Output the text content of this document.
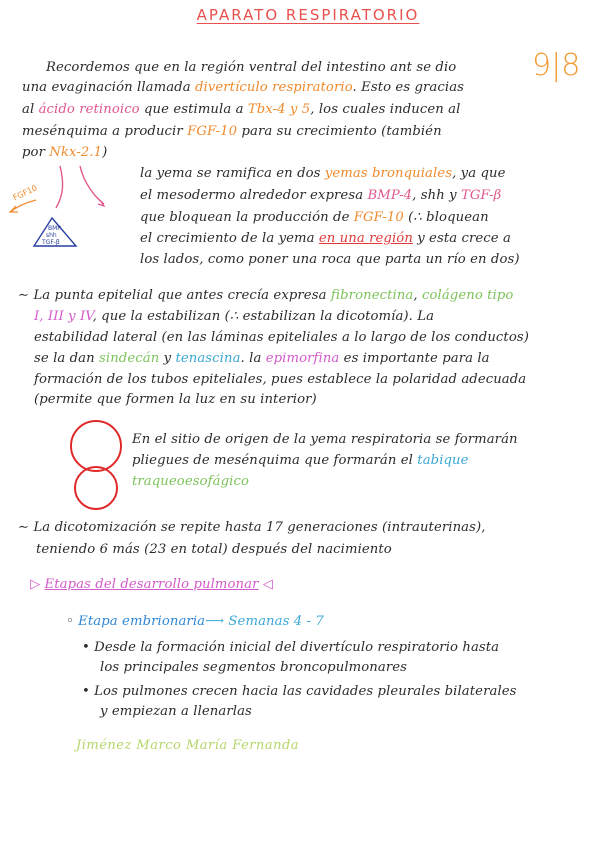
APARATO RESPIRATORIO
9|8
Recordemos que en la región ventral del intestino ant se dio
una evaginación llamada divertículo respiratorio. Esto es gracias
al ácido retinoico que estimula a Tbx-4 y 5, los cuales inducen al
mesénquima a producir FGF-10 para su crecimiento (también
por Nkx-2.1)
FGF10
BMP
shh
TGF-β
la yema se ramifica en dos yemas bronquiales, ya que
el mesodermo alrededor expresa BMP-4, shh y TGF-β
que bloquean la producción de FGF-10 (∴ bloquean
el crecimiento de la yema en una región y esta crece a
los lados, como poner una roca que parta un río en dos)
∼ La punta epitelial que antes crecía expresa fibronectina, colágeno tipo
I, III y IV, que la estabilizan (∴ estabilizan la dicotomía). La
estabilidad lateral (en las láminas epiteliales a lo largo de los conductos)
se la dan sindecán y tenascina. la epimorfina es importante para la
formación de los tubos epiteliales, pues establece la polaridad adecuada
(permite que formen la luz en su interior)
En el sitio de origen de la yema respiratoria se formarán
pliegues de mesénquima que formarán el tabique
traqueoesofágico
∼ La dicotomización se repite hasta 17 generaciones (intrauterinas),
teniendo 6 más (23 en total) después del nacimiento
▷ Etapas del desarrollo pulmonar ◁
◦ Etapa embrionaria⟶ Semanas 4 - 7
• Desde la formación inicial del divertículo respiratorio hasta
los principales segmentos broncopulmonares
• Los pulmones crecen hacia las cavidades pleurales bilaterales
y empiezan a llenarlas
Jiménez Marco María Fernanda
